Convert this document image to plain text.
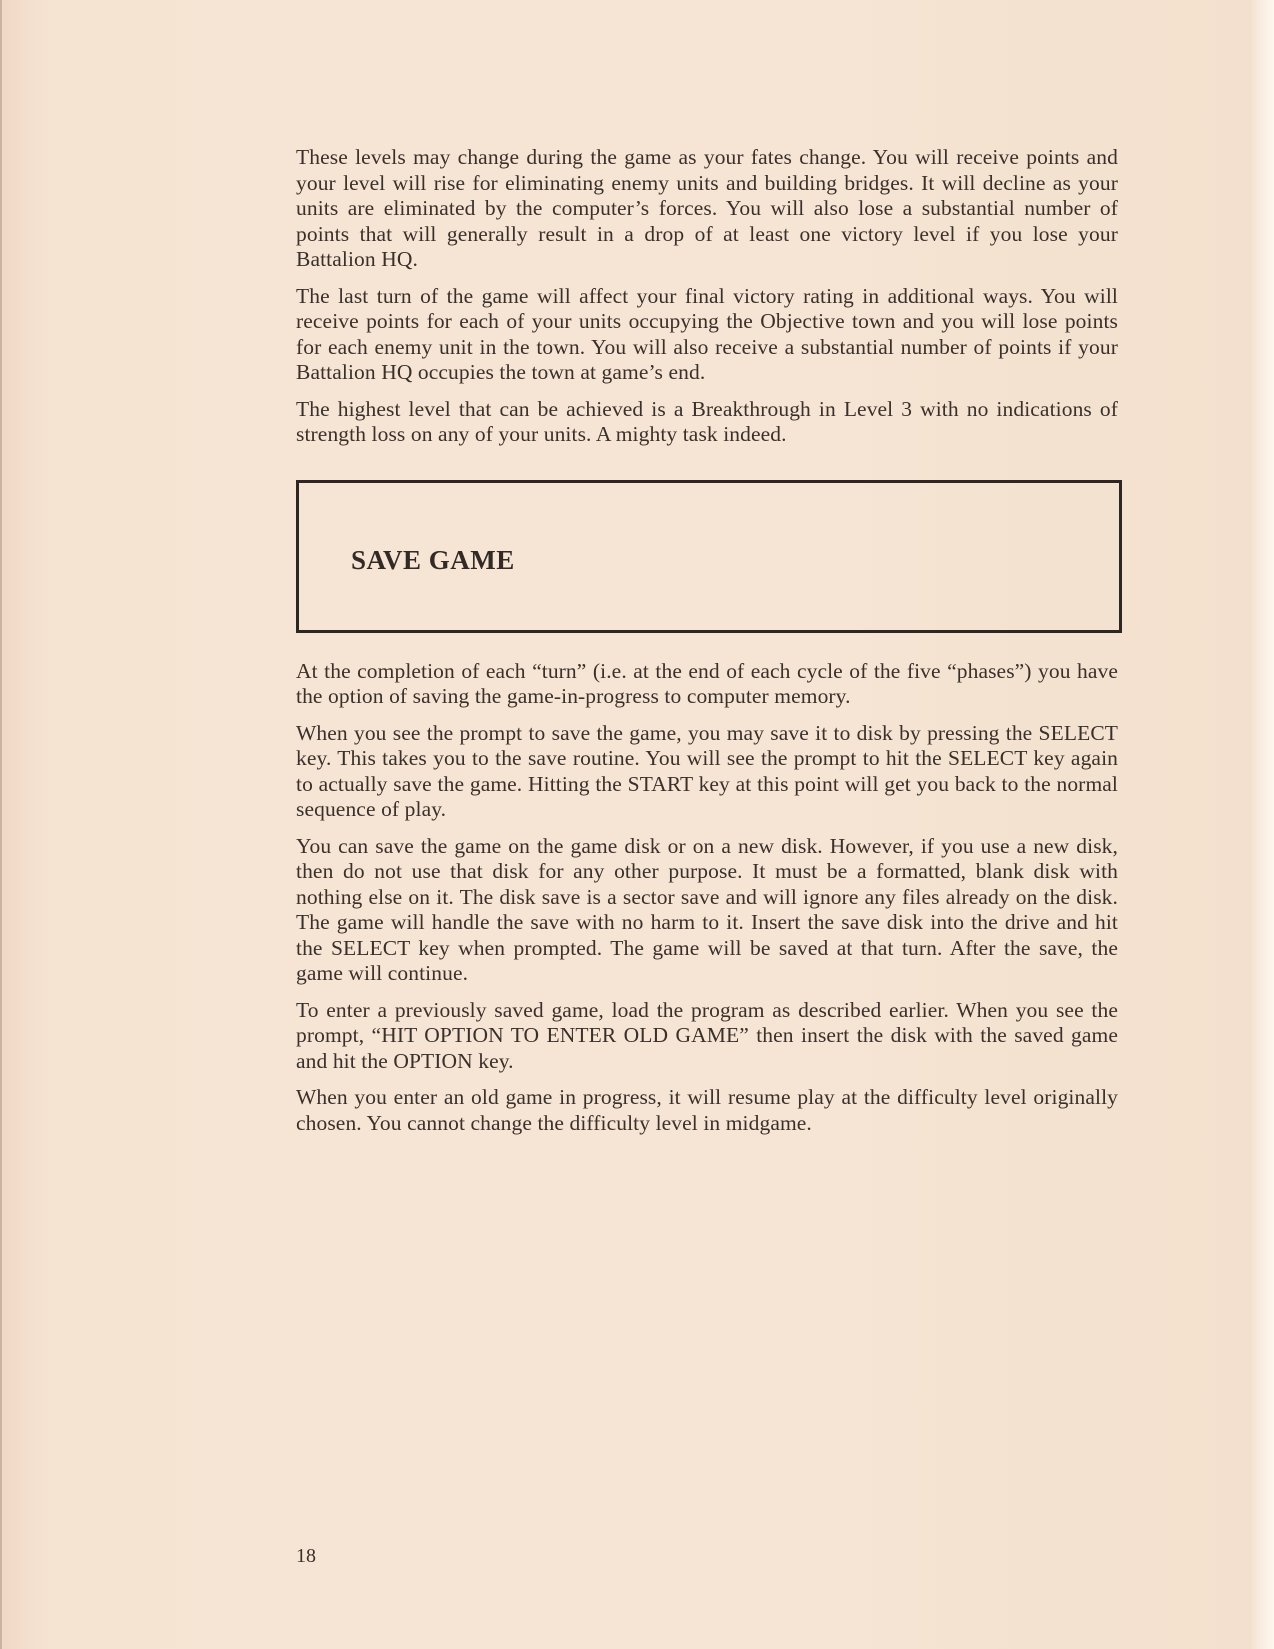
These levels may change during the game as your fates change. You will receive points and your level will rise for eliminating enemy units and building bridges. It will decline as your units are eliminated by the computer’s forces. You will also lose a substantial number of points that will generally result in a drop of at least one victory level if you lose your Battalion HQ.

The last turn of the game will affect your final victory rating in additional ways. You will receive points for each of your units occupying the Objective town and you will lose points for each enemy unit in the town. You will also receive a substantial number of points if your Battalion HQ occupies the town at game’s end.

The highest level that can be achieved is a Breakthrough in Level 3 with no indications of strength loss on any of your units. A mighty task indeed.

SAVE GAME

At the completion of each “turn” (i.e. at the end of each cycle of the five “phases”) you have the option of saving the game-in-progress to computer memory.

When you see the prompt to save the game, you may save it to disk by pressing the SELECT key. This takes you to the save routine. You will see the prompt to hit the SELECT key again to actually save the game. Hitting the START key at this point will get you back to the normal sequence of play.

You can save the game on the game disk or on a new disk. However, if you use a new disk, then do not use that disk for any other purpose. It must be a formatted, blank disk with nothing else on it. The disk save is a sector save and will ignore any files already on the disk. The game will handle the save with no harm to it. Insert the save disk into the drive and hit the SELECT key when prompted. The game will be saved at that turn. After the save, the game will continue.

To enter a previously saved game, load the program as described earlier. When you see the prompt, “HIT OPTION TO ENTER OLD GAME” then insert the disk with the saved game and hit the OPTION key.

When you enter an old game in progress, it will resume play at the difficulty level originally chosen. You cannot change the difficulty level in midgame.

18
